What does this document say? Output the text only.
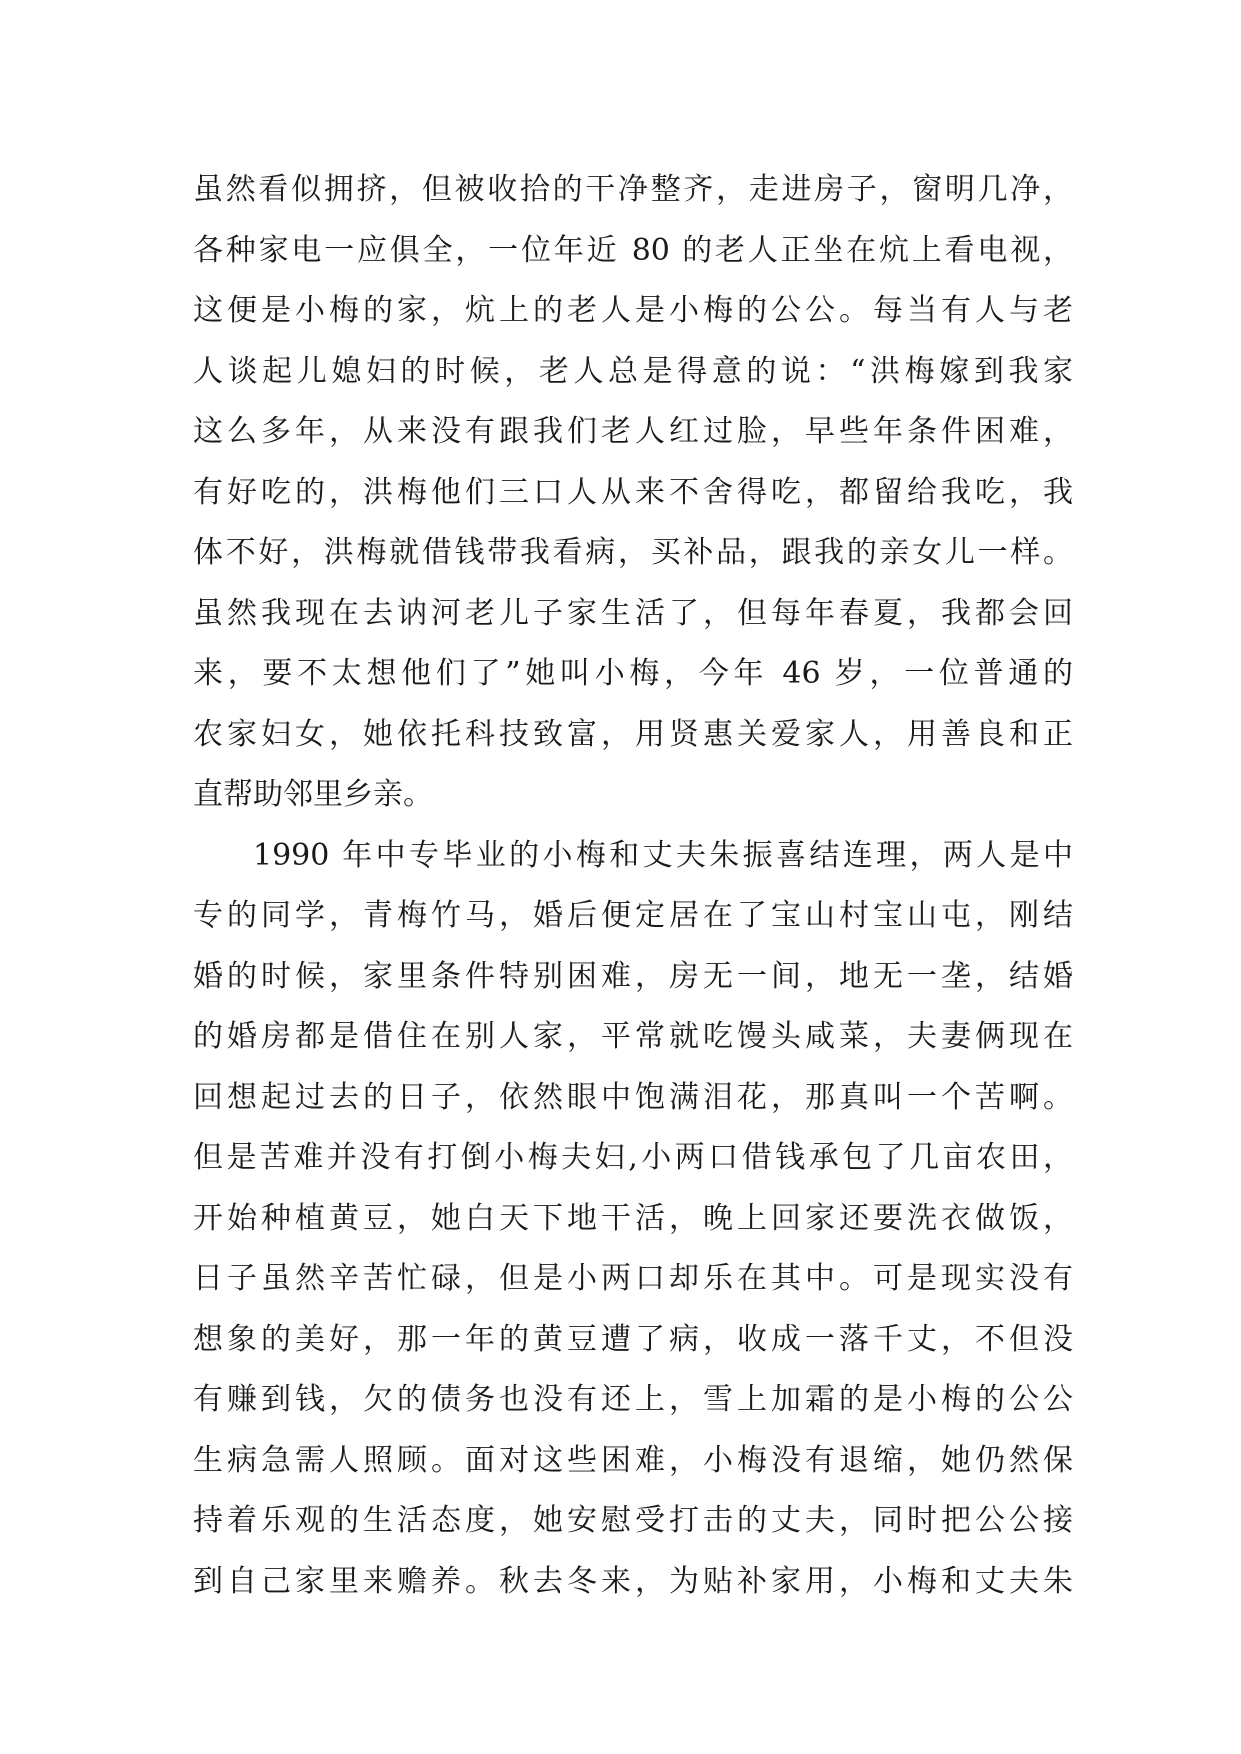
虽然看似拥挤，但被收拾的干净整齐，走进房子，窗明几净，
各种家电一应俱全，一位年近 80 的老人正坐在炕上看电视，
这便是小梅的家，炕上的老人是小梅的公公。每当有人与老
人谈起儿媳妇的时候，老人总是得意的说：“洪梅嫁到我家
这么多年，从来没有跟我们老人红过脸，早些年条件困难，
有好吃的，洪梅他们三口人从来不舍得吃，都留给我吃，我
体不好，洪梅就借钱带我看病，买补品，跟我的亲女儿一样。
虽然我现在去讷河老儿子家生活了，但每年春夏，我都会回
来，要不太想他们了”她叫小梅，今年 46 岁，一位普通的
农家妇女，她依托科技致富，用贤惠关爱家人，用善良和正
直帮助邻里乡亲。
1990 年中专毕业的小梅和丈夫朱振喜结连理，两人是中
专的同学，青梅竹马，婚后便定居在了宝山村宝山屯，刚结
婚的时候，家里条件特别困难，房无一间，地无一垄，结婚
的婚房都是借住在别人家，平常就吃馒头咸菜，夫妻俩现在
回想起过去的日子，依然眼中饱满泪花，那真叫一个苦啊。
但是苦难并没有打倒小梅夫妇,小两口借钱承包了几亩农田，
开始种植黄豆，她白天下地干活，晚上回家还要洗衣做饭，
日子虽然辛苦忙碌，但是小两口却乐在其中。可是现实没有
想象的美好，那一年的黄豆遭了病，收成一落千丈，不但没
有赚到钱，欠的债务也没有还上，雪上加霜的是小梅的公公
生病急需人照顾。面对这些困难，小梅没有退缩，她仍然保
持着乐观的生活态度，她安慰受打击的丈夫，同时把公公接
到自己家里来赡养。秋去冬来，为贴补家用，小梅和丈夫朱
